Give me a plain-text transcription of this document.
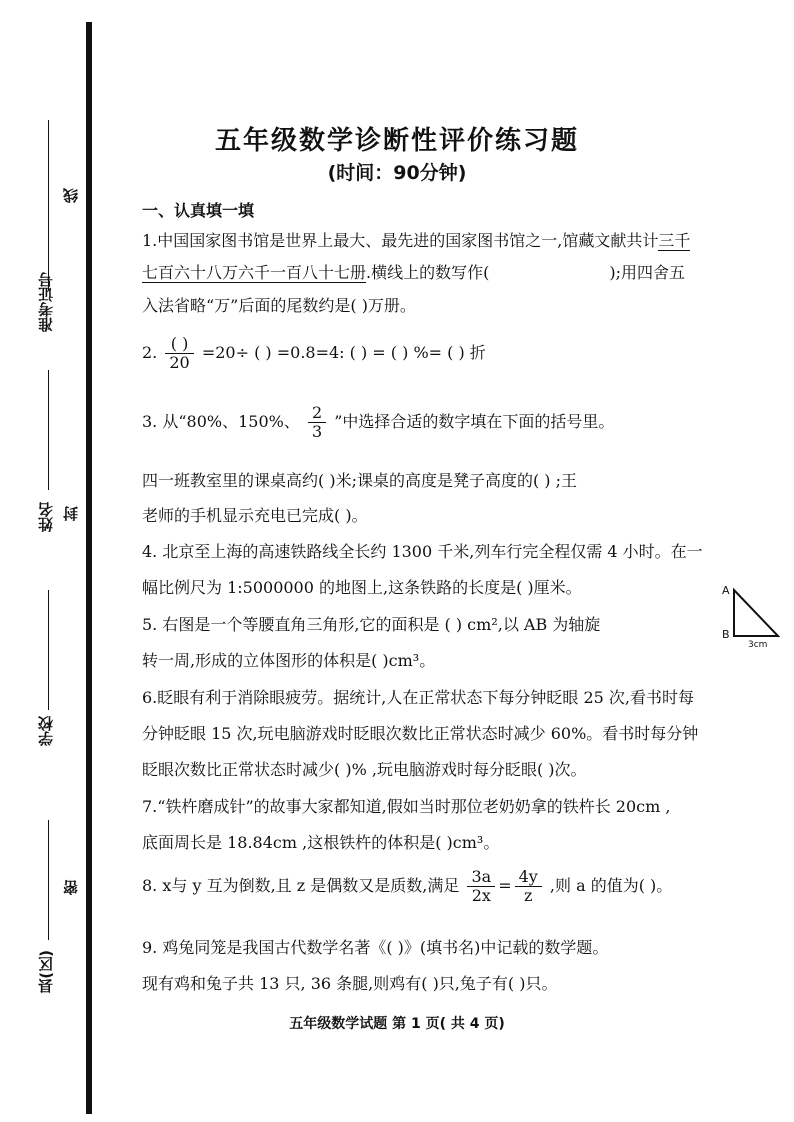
线
准考证号
姓名 封
学校
密
县(区)
五年级数学诊断性评价练习题
(时间：90分钟)
一、认真填一填
1.中国国家图书馆是世界上最大、最先进的国家图书馆之一,馆藏文献共计三千
七百六十八万六千一百八十七册.横线上的数写作(	);用四舍五
入法省略“万”后面的尾数约是( )万册。
2. $\frac{( )}{20} =20\div$ ( ) =0.8=4: ( ) = ( ) %= ( ) 折
3. 从“80%、150%、 $\frac{2}{3}$ ”中选择合适的数字填在下面的括号里。
四一班教室里的课桌高约( )米;课桌的高度是凳子高度的( ) ;王
老师的手机显示充电已完成( )。
4. 北京至上海的高速铁路线全长约 1300 千米,列车行完全程仅需 4 小时。在一
幅比例尺为 1:5000000 的地图上,这条铁路的长度是( )厘米。
5. 右图是一个等腰直角三角形,它的面积是 ( ) cm²,以 AB 为轴旋
转一周,形成的立体图形的体积是( )cm³。
A
B
3cm
6.眨眼有利于消除眼疲劳。据统计,人在正常状态下每分钟眨眼 25 次,看书时每
分钟眨眼 15 次,玩电脑游戏时眨眼次数比正常状态时减少 60%。看书时每分钟
眨眼次数比正常状态时减少( )% ,玩电脑游戏时每分眨眼( )次。
7.“铁杵磨成针”的故事大家都知道,假如当时那位老奶奶拿的铁杵长 20cm ,
底面周长是 18.84cm ,这根铁杵的体积是( )cm³。
8. x与 y 互为倒数,且 z 是偶数又是质数,满足 $\frac{3a}{2x} = \frac{4y}{z}$ ,则 a 的值为( )。
9. 鸡兔同笼是我国古代数学名著《( )》(填书名)中记载的数学题。
现有鸡和兔子共 13 只, 36 条腿,则鸡有( )只,兔子有( )只。
五年级数学试题 第 1 页( 共 4 页)
